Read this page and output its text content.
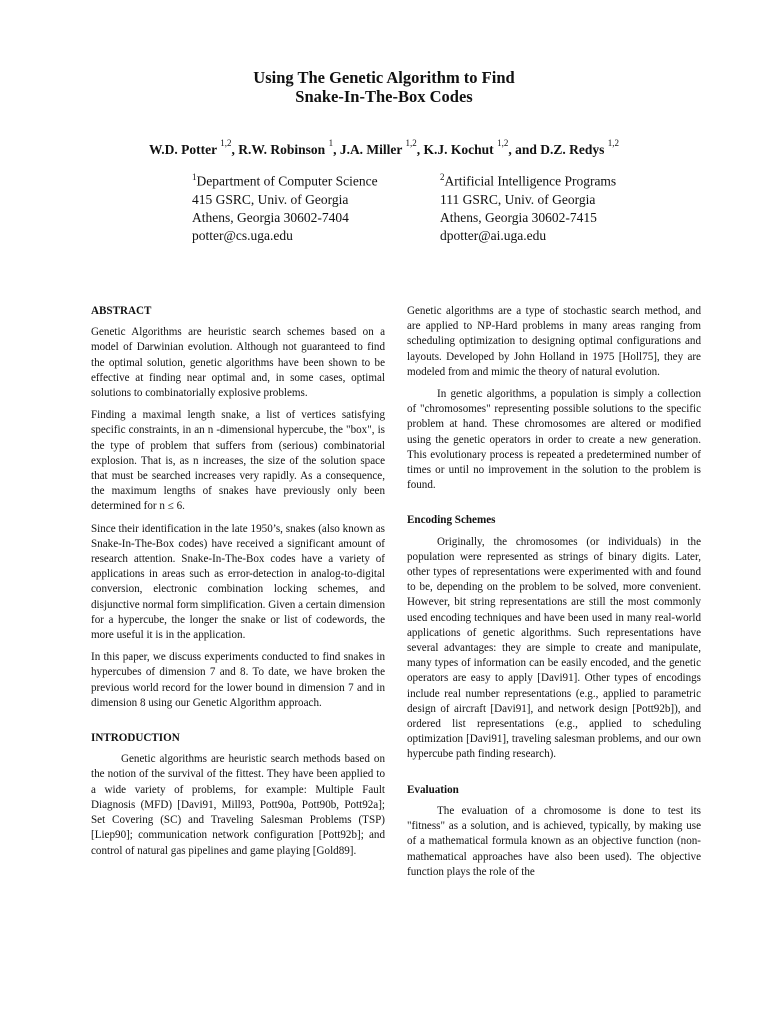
Using The Genetic Algorithm to Find
Snake-In-The-Box Codes
W.D. Potter $^{1,2}$, R.W. Robinson $^1$, J.A. Miller $^{1,2}$, K.J. Kochut $^{1,2}$, and D.Z. Redys $^{1,2}$
$^1$Department of Computer Science
415 GSRC, Univ. of Georgia
Athens, Georgia 30602-7404
potter@cs.uga.edu
$^2$Artificial Intelligence Programs
111 GSRC, Univ. of Georgia
Athens, Georgia 30602-7415
dpotter@ai.uga.edu
ABSTRACT

Genetic Algorithms are heuristic search schemes based on a model of Darwinian evolution. Although not guaranteed to find the optimal solution, genetic algorithms have been shown to be effective at finding near optimal and, in some cases, optimal solutions to combinatorially explosive problems.

Finding a maximal length snake, a list of vertices satisfying specific constraints, in an n -dimensional hypercube, the "box", is the type of problem that suffers from (serious) combinatorial explosion. That is, as n increases, the size of the solution space that must be searched increases very rapidly. As a consequence, the maximum lengths of snakes have previously only been determined for n ≤ 6.

Since their identification in the late 1950’s, snakes (also known as Snake-In-The-Box codes) have received a significant amount of research attention. Snake-In-The-Box codes have a variety of applications in areas such as error-detection in analog-to-digital conversion, electronic combination locking schemes, and disjunctive normal form simplification. Given a certain dimension for a hypercube, the longer the snake or list of codewords, the more useful it is in the application.

In this paper, we discuss experiments conducted to find snakes in hypercubes of dimension 7 and 8. To date, we have broken the previous world record for the lower bound in dimension 7 and in dimension 8 using our Genetic Algorithm approach.

INTRODUCTION

Genetic algorithms are heuristic search methods based on the notion of the survival of the fittest. They have been applied to a wide variety of problems, for example: Multiple Fault Diagnosis (MFD) [Davi91, Mill93, Pott90a, Pott90b, Pott92a]; Set Covering (SC) and Traveling Salesman Problems (TSP) [Liep90]; communication network configuration [Pott92b]; and control of natural gas pipelines and game playing [Gold89].

Genetic algorithms are a type of stochastic search method, and are applied to NP-Hard problems in many areas ranging from scheduling optimization to designing optimal configurations and layouts. Developed by John Holland in 1975 [Holl75], they are modeled from and mimic the theory of natural evolution.

In genetic algorithms, a population is simply a collection of "chromosomes" representing possible solutions to the specific problem at hand. These chromosomes are altered or modified using the genetic operators in order to create a new generation. This evolutionary process is repeated a predetermined number of times or until no improvement in the solution to the problem is found.

Encoding Schemes

Originally, the chromosomes (or individuals) in the population were represented as strings of binary digits. Later, other types of representations were experimented with and found to be, depending on the problem to be solved, more convenient. However, bit string representations are still the most commonly used encoding techniques and have been used in many real-world applications of genetic algorithms. Such representations have several advantages: they are simple to create and manipulate, many types of information can be easily encoded, and the genetic operators are easy to apply [Davi91]. Other types of encodings include real number representations (e.g., applied to parametric design of aircraft [Davi91], and network design [Pott92b]), and ordered list representations (e.g., applied to scheduling optimization [Davi91], traveling salesman problems, and our own hypercube path finding research).

Evaluation

The evaluation of a chromosome is done to test its "fitness" as a solution, and is achieved, typically, by making use of a mathematical formula known as an objective function (non-mathematical approaches have also been used). The objective function plays the role of the
